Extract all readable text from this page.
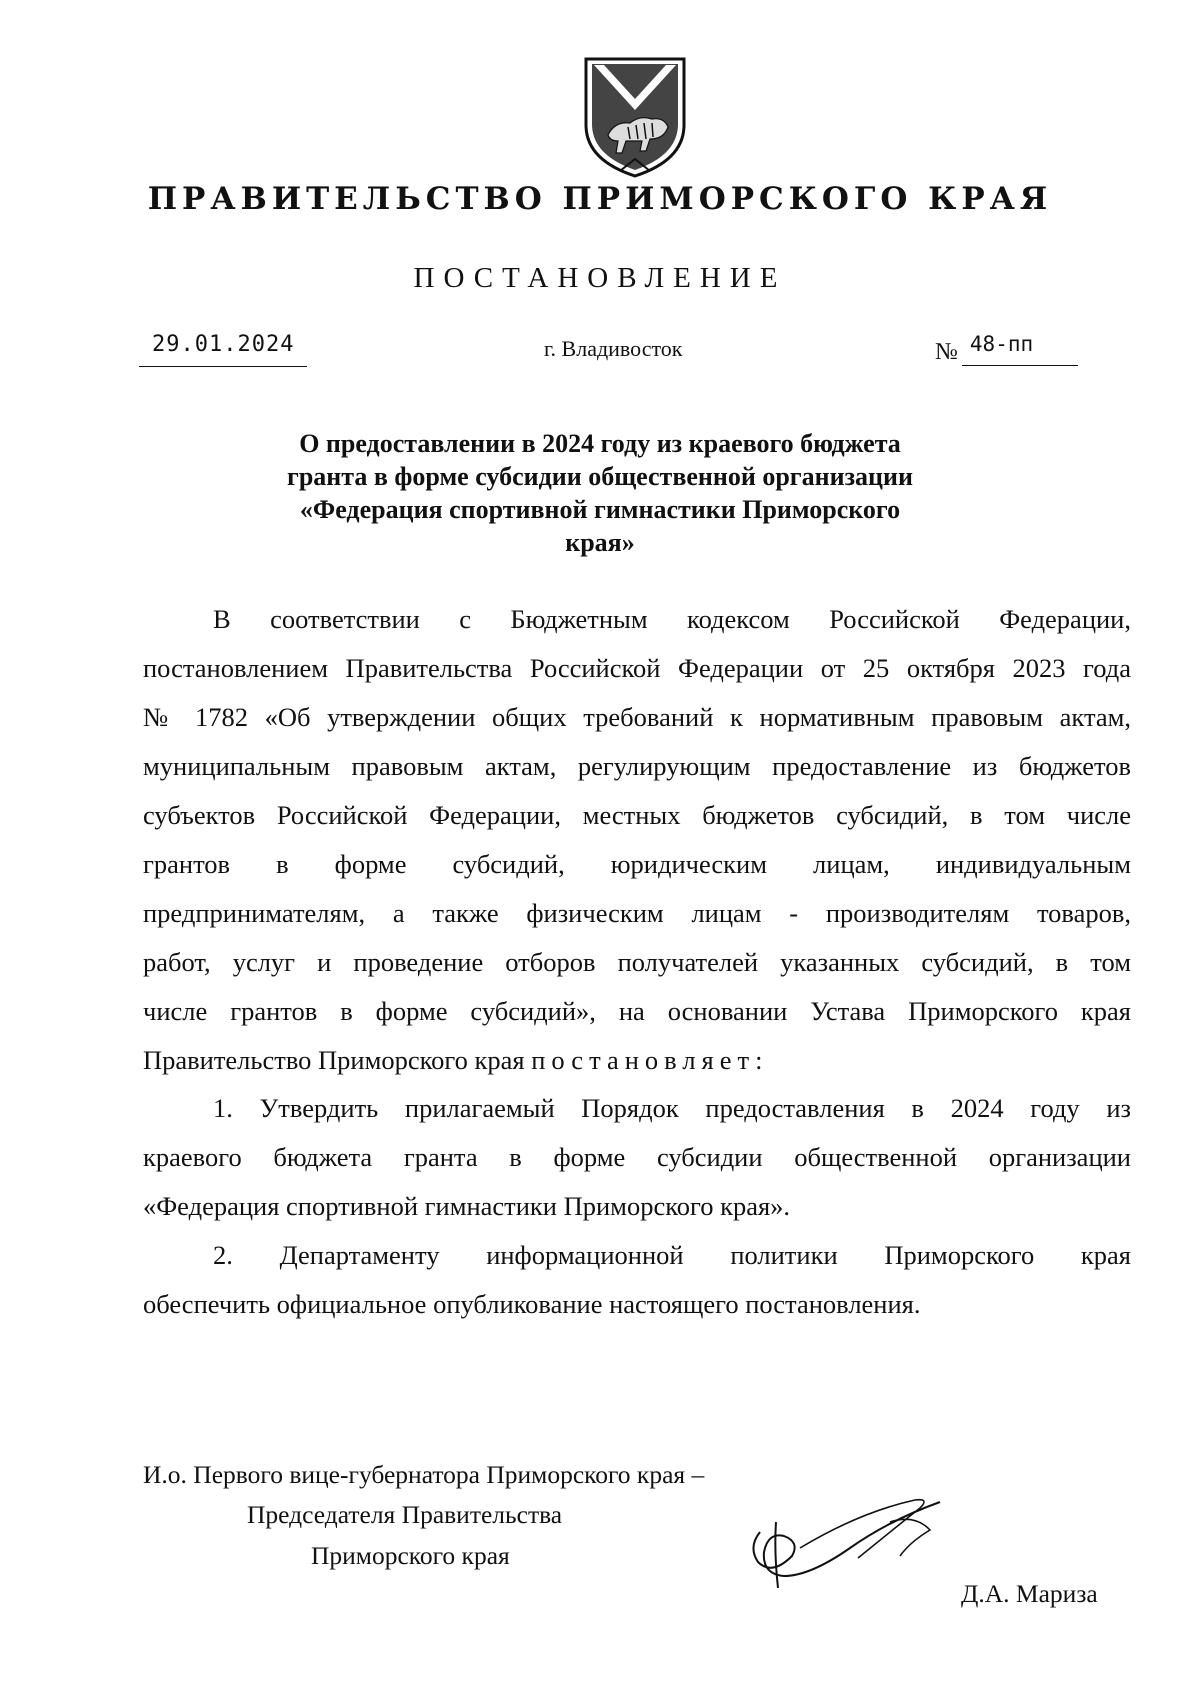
ПРАВИТЕЛЬСТВО ПРИМОРСКОГО КРАЯ
ПОСТАНОВЛЕНИЕ
29.01.2024	г. Владивосток	№ 48-пп
О предоставлении в 2024 году из краевого бюджета
гранта в форме субсидии общественной организации
«Федерация спортивной гимнастики Приморского
края»
В соответствии с Бюджетным кодексом Российской Федерации,
постановлением Правительства Российской Федерации от 25 октября 2023 года
№ 1782 «Об утверждении общих требований к нормативным правовым актам,
муниципальным правовым актам, регулирующим предоставление из бюджетов
субъектов Российской Федерации, местных бюджетов субсидий, в том числе
грантов в форме субсидий, юридическим лицам, индивидуальным
предпринимателям, а также физическим лицам - производителям товаров,
работ, услуг и проведение отборов получателей указанных субсидий, в том
числе грантов в форме субсидий», на основании Устава Приморского края
Правительство Приморского края постановляет:
1. Утвердить прилагаемый Порядок предоставления в 2024 году из
краевого бюджета гранта в форме субсидии общественной организации
«Федерация спортивной гимнастики Приморского края».
2. Департаменту информационной политики Приморского края
обеспечить официальное опубликование настоящего постановления.
И.о. Первого вице-губернатора Приморского края –
Председателя Правительства
Приморского края
Д.А. Мариза
